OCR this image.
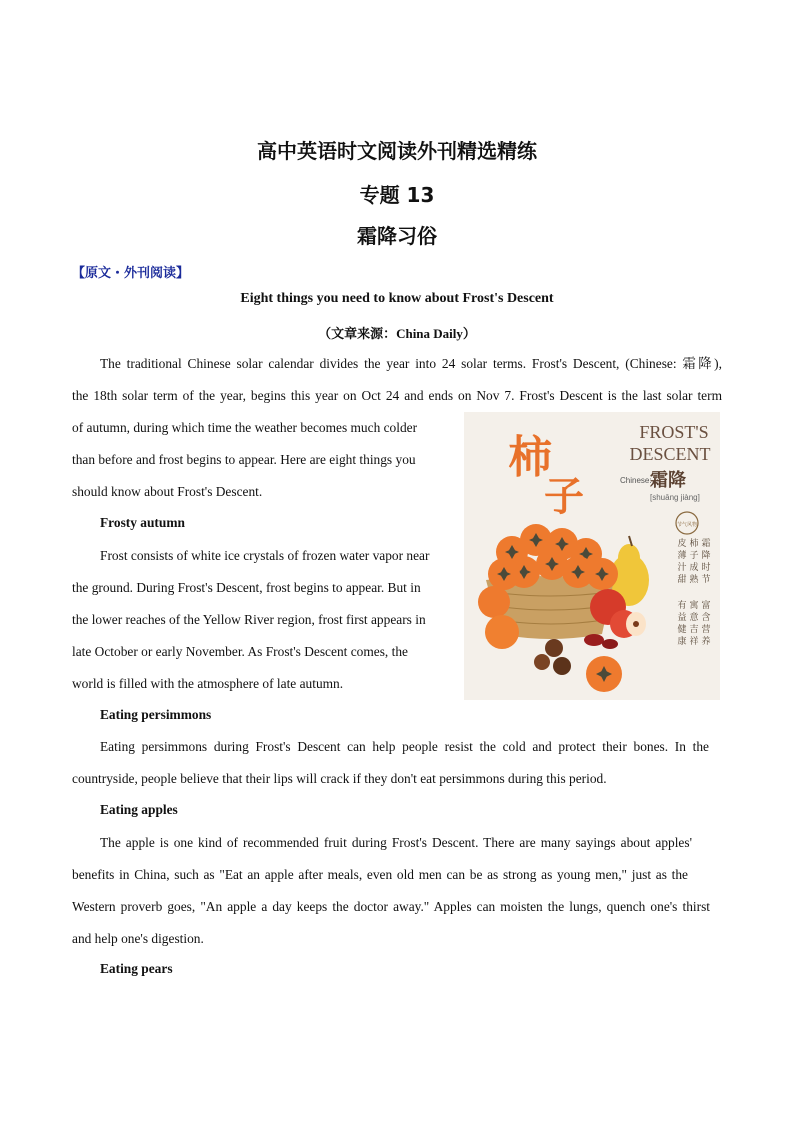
高中英语时文阅读外刊精选精练
专题 13
霜降习俗
【原文・外刊阅读】
Eight things you need to know about Frost's Descent
（文章来源：China Daily）
The traditional Chinese solar calendar divides the year into 24 solar terms. Frost's Descent, (Chinese: 霜降),
the 18th solar term of the year, begins this year on Oct 24 and ends on Nov 7. Frost's Descent is the last solar term
of autumn, during which time the weather becomes much colder
than before and frost begins to appear. Here are eight things you
should know about Frost's Descent.
Frosty autumn
Frost consists of white ice crystals of frozen water vapor near
the ground. During Frost's Descent, frost begins to appear. But in
the lower reaches of the Yellow River region, frost first appears in
late October or early November. As Frost's Descent comes, the
world is filled with the atmosphere of late autumn.
Eating persimmons
Eating persimmons during Frost's Descent can help people resist the cold and protect their bones. In the
countryside, people believe that their lips will crack if they don't eat persimmons during this period.
Eating apples
The apple is one kind of recommended fruit during Frost's Descent. There are many sayings about apples'
benefits in China, such as "Eat an apple after meals, even old men can be as strong as young men," just as the
Western proverb goes, "An apple a day keeps the doctor away." Apples can moisten the lungs, quench one's thirst
and help one's digestion.
Eating pears
柿
子
FROST'S
DESCENT
Chinese:
霜降
[shuāng jiàng]
节气风物
霜
降
时
节
柿
子
成
熟
皮
薄
汁
甜
富
含
营
养
寓
意
吉
祥
有
益
健
康
